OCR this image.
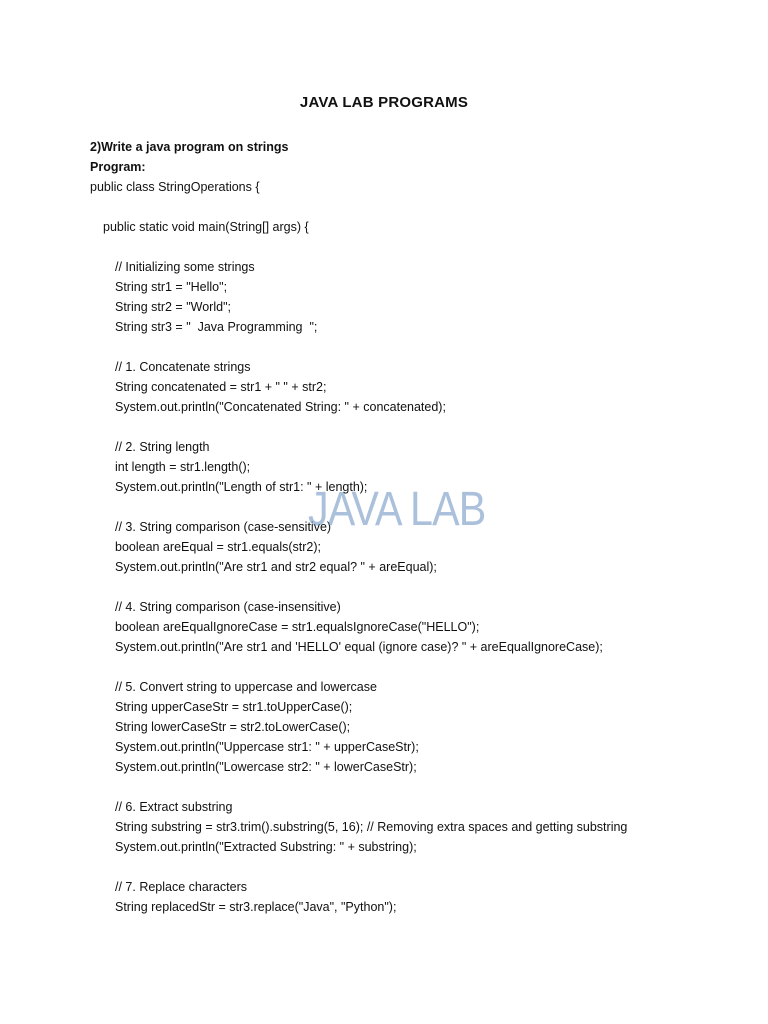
JAVA LAB PROGRAMS
2)Write a java program on strings
Program:
public class StringOperations {
public static void main(String[] args) {
// Initializing some strings
String str1 = "Hello";
String str2 = "World";
String str3 = "  Java Programming  ";
// 1. Concatenate strings
String concatenated = str1 + " " + str2;
System.out.println("Concatenated String: " + concatenated);
// 2. String length
int length = str1.length();
System.out.println("Length of str1: " + length);
// 3. String comparison (case-sensitive)
boolean areEqual = str1.equals(str2);
System.out.println("Are str1 and str2 equal? " + areEqual);
// 4. String comparison (case-insensitive)
boolean areEqualIgnoreCase = str1.equalsIgnoreCase("HELLO");
System.out.println("Are str1 and 'HELLO' equal (ignore case)? " + areEqualIgnoreCase);
// 5. Convert string to uppercase and lowercase
String upperCaseStr = str1.toUpperCase();
String lowerCaseStr = str2.toLowerCase();
System.out.println("Uppercase str1: " + upperCaseStr);
System.out.println("Lowercase str2: " + lowerCaseStr);
// 6. Extract substring
String substring = str3.trim().substring(5, 16); // Removing extra spaces and getting substring
System.out.println("Extracted Substring: " + substring);
// 7. Replace characters
String replacedStr = str3.replace("Java", "Python");
JAVA LAB
